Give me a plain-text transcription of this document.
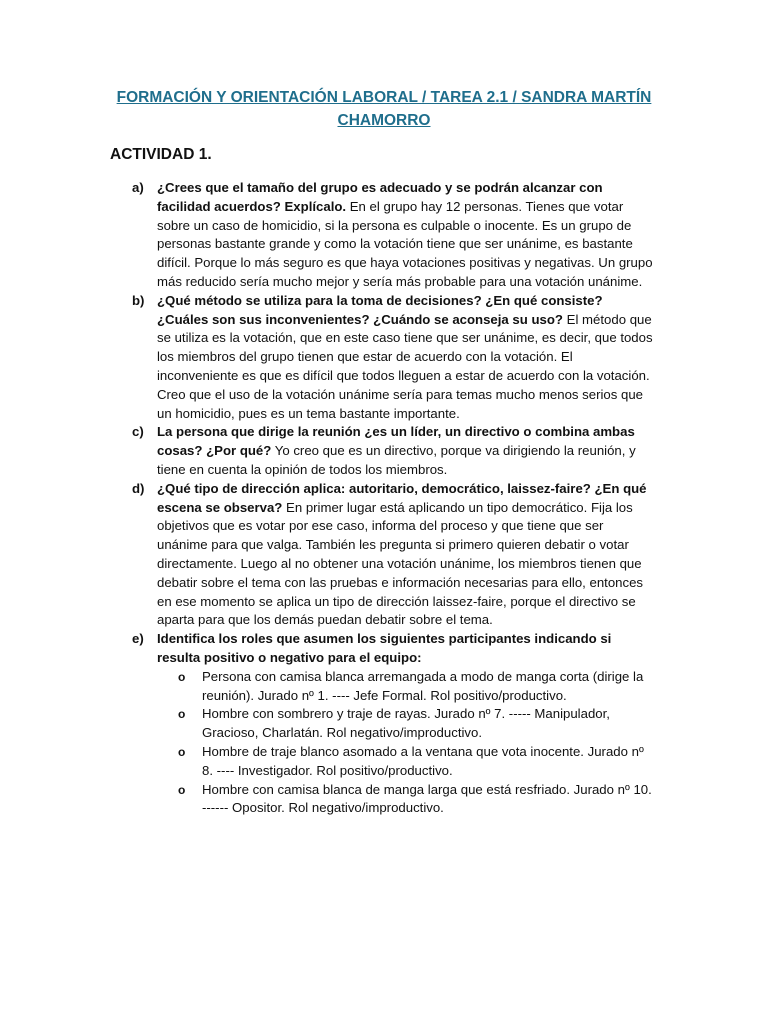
FORMACIÓN Y ORIENTACIÓN LABORAL / TAREA 2.1 / SANDRA MARTÍN CHAMORRO
ACTIVIDAD 1.
a) ¿Crees que el tamaño del grupo es adecuado y se podrán alcanzar con facilidad acuerdos? Explícalo. En el grupo hay 12 personas. Tienes que votar sobre un caso de homicidio, si la persona es culpable o inocente. Es un grupo de personas bastante grande y como la votación tiene que ser unánime, es bastante difícil. Porque lo más seguro es que haya votaciones positivas y negativas. Un grupo más reducido sería mucho mejor y sería más probable para una votación unánime.
b) ¿Qué método se utiliza para la toma de decisiones? ¿En qué consiste? ¿Cuáles son sus inconvenientes? ¿Cuándo se aconseja su uso? El método que se utiliza es la votación, que en este caso tiene que ser unánime, es decir, que todos los miembros del grupo tienen que estar de acuerdo con la votación. El inconveniente es que es difícil que todos lleguen a estar de acuerdo con la votación. Creo que el uso de la votación unánime sería para temas mucho menos serios que un homicidio, pues es un tema bastante importante.
c) La persona que dirige la reunión ¿es un líder, un directivo o combina ambas cosas? ¿Por qué? Yo creo que es un directivo, porque va dirigiendo la reunión, y tiene en cuenta la opinión de todos los miembros.
d) ¿Qué tipo de dirección aplica: autoritario, democrático, laissez-faire? ¿En qué escena se observa? En primer lugar está aplicando un tipo democrático. Fija los objetivos que es votar por ese caso, informa del proceso y que tiene que ser unánime para que valga. También les pregunta si primero quieren debatir o votar directamente. Luego al no obtener una votación unánime, los miembros tienen que debatir sobre el tema con las pruebas e información necesarias para ello, entonces en ese momento se aplica un tipo de dirección laissez-faire, porque el directivo se aparta para que los demás puedan debatir sobre el tema.
e) Identifica los roles que asumen los siguientes participantes indicando si resulta positivo o negativo para el equipo:
o Persona con camisa blanca arremangada a modo de manga corta (dirige la reunión). Jurado nº 1. ---- Jefe Formal. Rol positivo/productivo.
o Hombre con sombrero y traje de rayas. Jurado nº 7. ----- Manipulador, Gracioso, Charlatán. Rol negativo/improductivo.
o Hombre de traje blanco asomado a la ventana que vota inocente. Jurado nº 8. ---- Investigador. Rol positivo/productivo.
o Hombre con camisa blanca de manga larga que está resfriado. Jurado nº 10. ------ Opositor. Rol negativo/improductivo.
